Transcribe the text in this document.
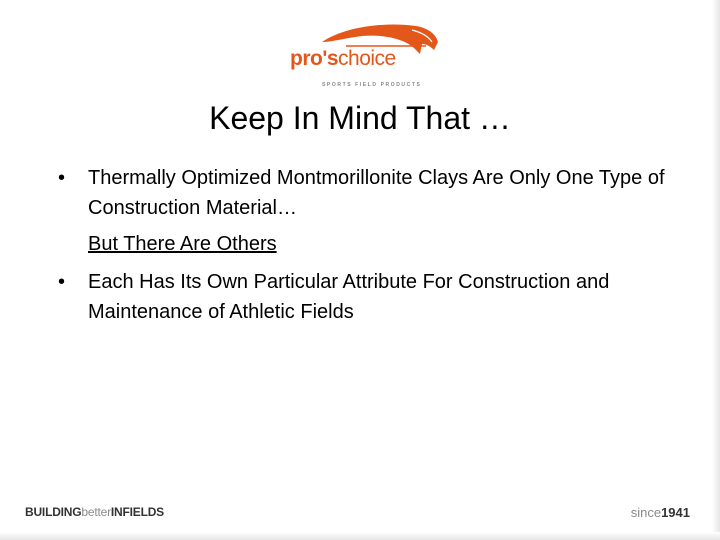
pro'schoice
SPORTS FIELD PRODUCTS
Keep In Mind That …
• Thermally Optimized Montmorillonite Clays Are Only One Type of Construction Material…
But There Are Others
• Each Has Its Own Particular Attribute For Construction and Maintenance of Athletic Fields
BUILDINGbetterINFIELDS	since1941
